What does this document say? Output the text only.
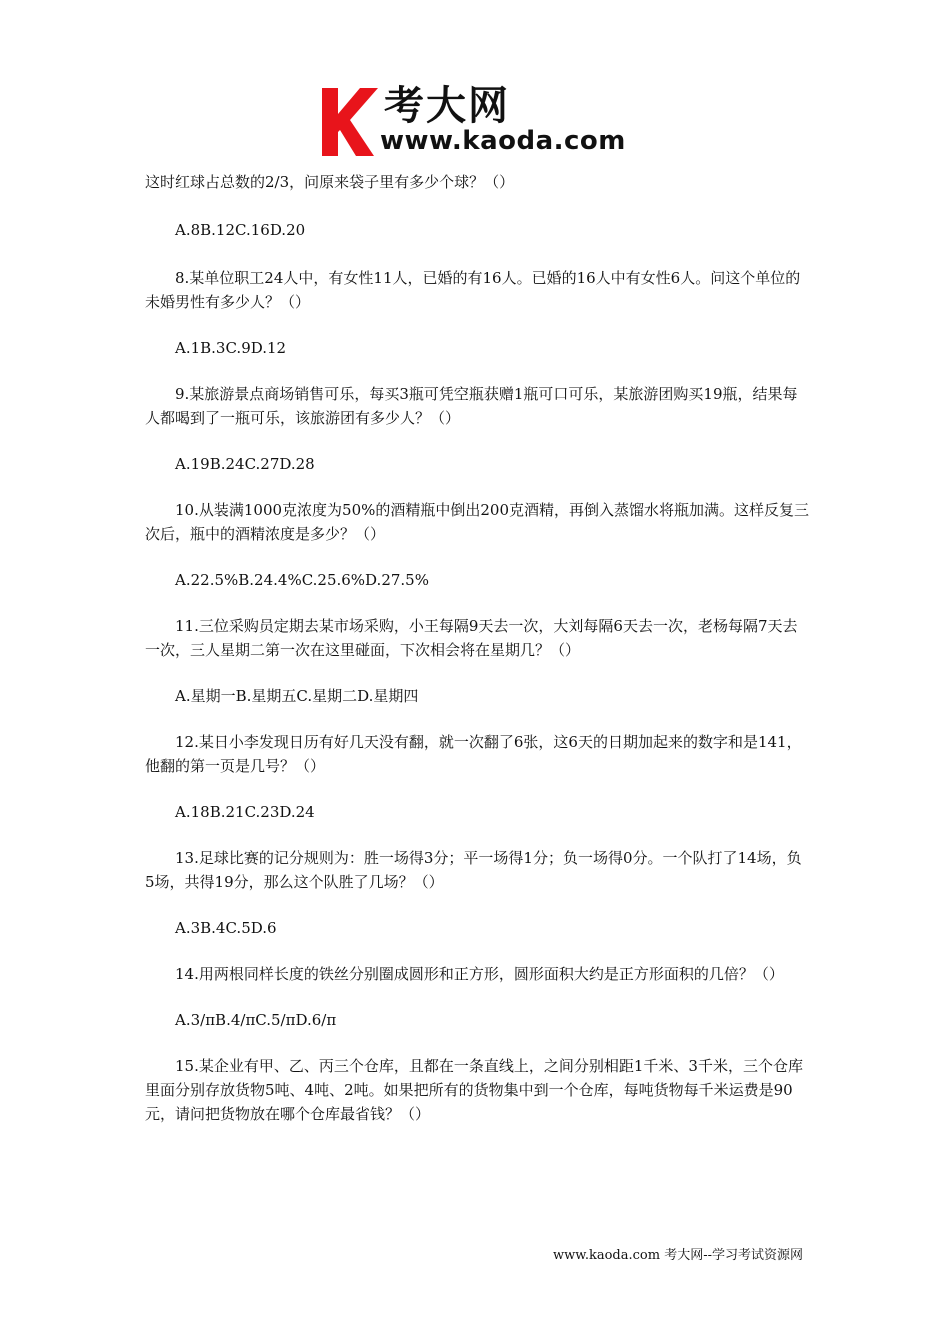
考大网
www.kaoda.com

这时红球占总数的2/3，问原来袋子里有多少个球？（）

A.8B.12C.16D.20

8.某单位职工24人中，有女性11人，已婚的有16人。已婚的16人中有女性6人。问这个单位的未婚男性有多少人？（）

A.1B.3C.9D.12

9.某旅游景点商场销售可乐，每买3瓶可凭空瓶获赠1瓶可口可乐，某旅游团购买19瓶，结果每人都喝到了一瓶可乐，该旅游团有多少人？（）

A.19B.24C.27D.28

10.从装满1000克浓度为50%的酒精瓶中倒出200克酒精，再倒入蒸馏水将瓶加满。这样反复三次后，瓶中的酒精浓度是多少？（）

A.22.5%B.24.4%C.25.6%D.27.5%

11.三位采购员定期去某市场采购，小王每隔9天去一次，大刘每隔6天去一次，老杨每隔7天去一次，三人星期二第一次在这里碰面，下次相会将在星期几？（）

A.星期一B.星期五C.星期二D.星期四

12.某日小李发现日历有好几天没有翻，就一次翻了6张，这6天的日期加起来的数字和是141，他翻的第一页是几号？（）

A.18B.21C.23D.24

13.足球比赛的记分规则为：胜一场得3分；平一场得1分；负一场得0分。一个队打了14场，负5场，共得19分，那么这个队胜了几场？（）

A.3B.4C.5D.6

14.用两根同样长度的铁丝分别圈成圆形和正方形，圆形面积大约是正方形面积的几倍？（）

A.3/πB.4/πC.5/πD.6/π

15.某企业有甲、乙、丙三个仓库，且都在一条直线上，之间分别相距1千米、3千米，三个仓库里面分别存放货物5吨、4吨、2吨。如果把所有的货物集中到一个仓库，每吨货物每千米运费是90元，请问把货物放在哪个仓库最省钱？（）

www.kaoda.com 考大网--学习考试资源网
